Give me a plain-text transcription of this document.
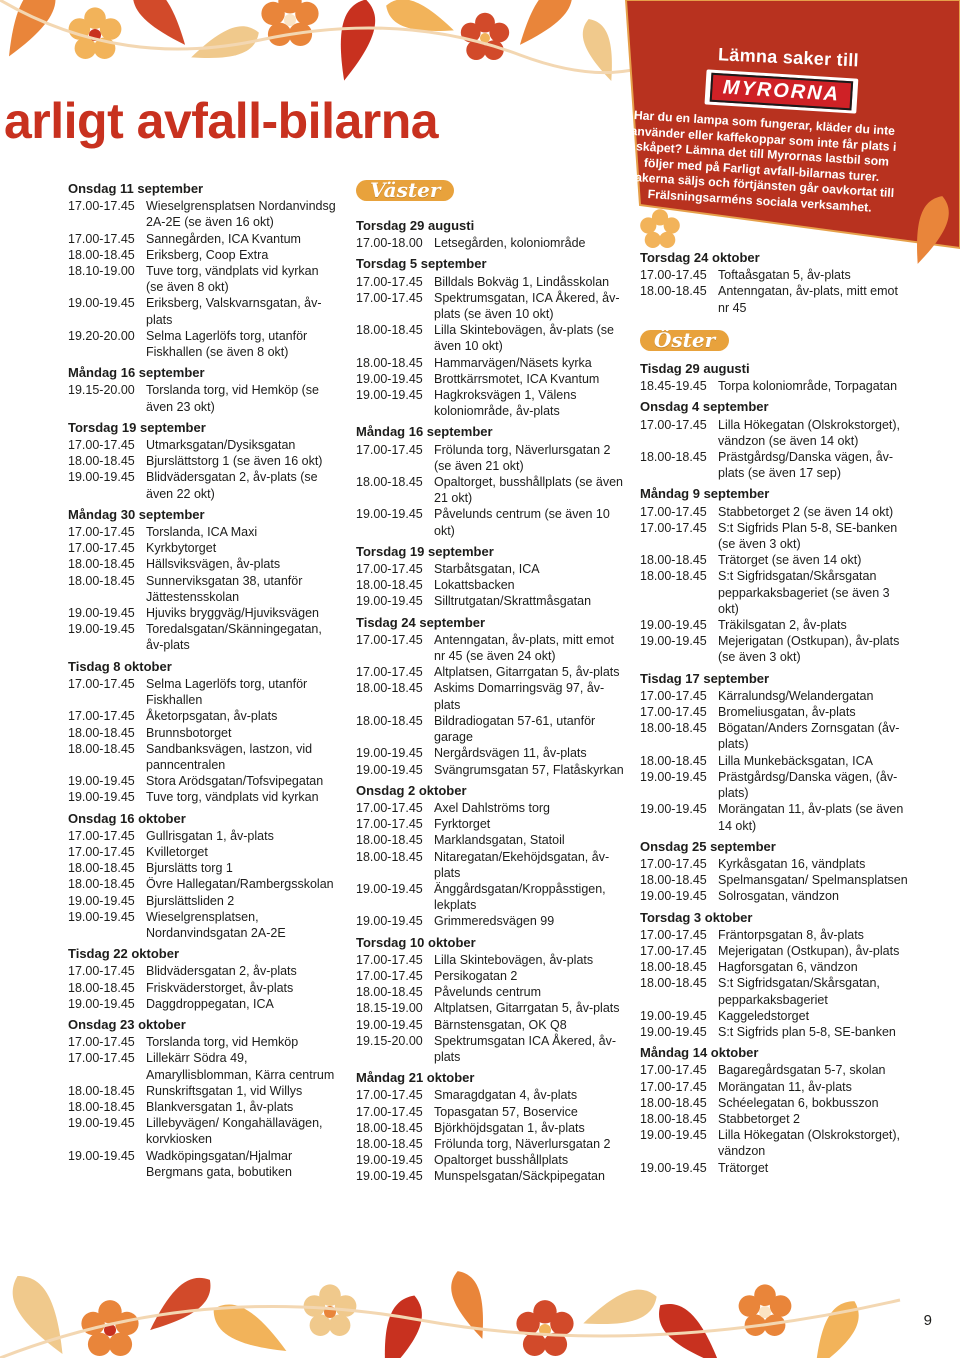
arligt avfall-bilarna
Lämna saker till
MYRORNA
Har du en lampa som fungerar, kläder du inte använder eller kaffekoppar som inte får plats i skåpet? Lämna det till Myrornas lastbil som följer med på Farligt avfall-bilarnas turer. Sakerna säljs och förtjänsten går oavkortat till Frälsningsarméns sociala verksamhet.
Onsdag 11 september
17.00-17.45 Wieselgrensplatsen Nordanvindsg 2A-2E (se även 16 okt)
17.00-17.45 Sannegården, ICA Kvantum
18.00-18.45 Eriksberg, Coop Extra
18.10-19.00 Tuve torg, vändplats vid kyrkan (se även 8 okt)
19.00-19.45 Eriksberg, Valskvarnsgatan, åv-plats
19.20-20.00 Selma Lagerlöfs torg, utanför Fiskhallen (se även 8 okt)
Måndag 16 september
19.15-20.00 Torslanda torg, vid Hemköp (se även 23 okt)
Torsdag 19 september
17.00-17.45 Utmarksgatan/Dysiksgatan
18.00-18.45 Bjurslättstorg 1 (se även 16 okt)
19.00-19.45 Blidvädersgatan 2, åv-plats (se även 22 okt)
Måndag 30 september
17.00-17.45 Torslanda, ICA Maxi
17.00-17.45 Kyrkbytorget
18.00-18.45 Hällsviksvägen, åv-plats
18.00-18.45 Sunnerviksgatan 38, utanför Jättestensskolan
19.00-19.45 Hjuviks bryggväg/Hjuviksvägen
19.00-19.45 Toredalsgatan/Skänningegatan, åv-plats
Tisdag 8 oktober
17.00-17.45 Selma Lagerlöfs torg, utanför Fiskhallen
17.00-17.45 Åketorpsgatan, åv-plats
18.00-18.45 Brunnsbotorget
18.00-18.45 Sandbanksvägen, lastzon, vid panncentralen
19.00-19.45 Stora Arödsgatan/Tofsvipegatan
19.00-19.45 Tuve torg, vändplats vid kyrkan
Onsdag 16 oktober
17.00-17.45 Gullrisgatan 1, åv-plats
17.00-17.45 Kvilletorget
18.00-18.45 Bjurslätts torg 1
18.00-18.45 Övre Hallegatan/Rambergsskolan
19.00-19.45 Bjurslättsliden 2
19.00-19.45 Wieselgrensplatsen, Nordanvindsgatan 2A-2E
Tisdag 22 oktober
17.00-17.45 Blidvädersgatan 2, åv-plats
18.00-18.45 Friskväderstorget, åv-plats
19.00-19.45 Daggdroppegatan, ICA
Onsdag 23 oktober
17.00-17.45 Torslanda torg, vid Hemköp
17.00-17.45 Lillekärr Södra 49, Amaryllisblomman, Kärra centrum
18.00-18.45 Runskriftsgatan 1, vid Willys
18.00-18.45 Blankversgatan 1, åv-plats
19.00-19.45 Lillebyvägen/ Kongahällavägen, korvkiosken
19.00-19.45 Wadköpingsgatan/Hjalmar Bergmans gata, bobutiken
Väster
Torsdag 29 augusti
17.00-18.00 Letsegården, koloniområde
Torsdag 5 september
17.00-17.45 Billdals Bokväg 1, Lindåsskolan
17.00-17.45 Spektrumsgatan, ICA Åkered, åv-plats (se även 10 okt)
18.00-18.45 Lilla Skintebovägen, åv-plats (se även 10 okt)
18.00-18.45 Hammarvägen/Näsets kyrka
19.00-19.45 Brottkärrsmotet, ICA Kvantum
19.00-19.45 Hagkroksvägen 1, Välens koloniområde, åv-plats
Måndag 16 september
17.00-17.45 Frölunda torg, Näverlursgatan 2 (se även 21 okt)
18.00-18.45 Opaltorget, busshållplats (se även 21 okt)
19.00-19.45 Påvelunds centrum (se även 10 okt)
Torsdag 19 september
17.00-17.45 Starbåtsgatan, ICA
18.00-18.45 Lokattsbacken
19.00-19.45 Silltrutgatan/Skrattmåsgatan
Tisdag 24 september
17.00-17.45 Antenngatan, åv-plats, mitt emot nr 45 (se även 24 okt)
17.00-17.45 Altplatsen, Gitarrgatan 5, åv-plats
18.00-18.45 Askims Domarringsväg 97, åv-plats
18.00-18.45 Bildradiogatan 57-61, utanför garage
19.00-19.45 Nergårdsvägen 11, åv-plats
19.00-19.45 Svängrumsgatan 57, Flatåskyrkan
Onsdag 2 oktober
17.00-17.45 Axel Dahlströms torg
17.00-17.45 Fyrktorget
18.00-18.45 Marklandsgatan, Statoil
18.00-18.45 Nitaregatan/Ekehöjdsgatan, åv-plats
19.00-19.45 Änggårdsgatan/Kroppåsstigen, lekplats
19.00-19.45 Grimmeredsvägen 99
Torsdag 10 oktober
17.00-17.45 Lilla Skintebovägen, åv-plats
17.00-17.45 Persikogatan 2
18.00-18.45 Påvelunds centrum
18.15-19.00 Altplatsen, Gitarrgatan 5, åv-plats
19.00-19.45 Bärnstensgatan, OK Q8
19.15-20.00 Spektrumsgatan ICA Åkered, åv-plats
Måndag 21 oktober
17.00-17.45 Smaragdgatan 4, åv-plats
17.00-17.45 Topasgatan 57, Boservice
18.00-18.45 Björkhöjdsgatan 1, åv-plats
18.00-18.45 Frölunda torg, Näverlursgatan 2
19.00-19.45 Opaltorget busshållplats
19.00-19.45 Munspelsgatan/Säckpipegatan
Torsdag 24 oktober
17.00-17.45 Toftaåsgatan 5, åv-plats
18.00-18.45 Antenngatan, åv-plats, mitt emot nr 45
Öster
Tisdag 29 augusti
18.45-19.45 Torpa koloniområde, Torpagatan
Onsdag 4 september
17.00-17.45 Lilla Hökegatan (Olskrokstorget), vändzon (se även 14 okt)
18.00-18.45 Prästgårdsg/Danska vägen, åv-plats (se även 17 sep)
Måndag 9 september
17.00-17.45 Stabbetorget 2 (se även 14 okt)
17.00-17.45 S:t Sigfrids Plan 5-8, SE-banken (se även 3 okt)
18.00-18.45 Trätorget (se även 14 okt)
18.00-18.45 S:t Sigfridsgatan/Skårsgatan pepparkaksbageriet (se även 3 okt)
19.00-19.45 Träkilsgatan 2, åv-plats
19.00-19.45 Mejerigatan (Ostkupan), åv-plats (se även 3 okt)
Tisdag 17 september
17.00-17.45 Kärralundsg/Welandergatan
17.00-17.45 Bromeliusgatan, åv-plats
18.00-18.45 Bögatan/Anders Zornsgatan (åv-plats)
18.00-18.45 Lilla Munkebäcksgatan, ICA
19.00-19.45 Prästgårdsg/Danska vägen, (åv-plats)
19.00-19.45 Morängatan 11, åv-plats (se även 14 okt)
Onsdag 25 september
17.00-17.45 Kyrkåsgatan 16, vändplats
18.00-18.45 Spelmansgatan/ Spelmansplatsen
19.00-19.45 Solrosgatan, vändzon
Torsdag 3 oktober
17.00-17.45 Fräntorpsgatan 8, åv-plats
17.00-17.45 Mejerigatan (Ostkupan), åv-plats
18.00-18.45 Hagforsgatan 6, vändzon
18.00-18.45 S:t Sigfridsgatan/Skårsgatan, pepparkaksbageriet
19.00-19.45 Kaggeledstorget
19.00-19.45 S:t Sigfrids plan 5-8, SE-banken
Måndag 14 oktober
17.00-17.45 Bagaregårdsgatan 5-7, skolan
17.00-17.45 Morängatan 11, åv-plats
18.00-18.45 Schéelegatan 6, bokbusszon
18.00-18.45 Stabbetorget 2
19.00-19.45 Lilla Hökegatan (Olskrokstorget), vändzon
19.00-19.45 Trätorget
9
